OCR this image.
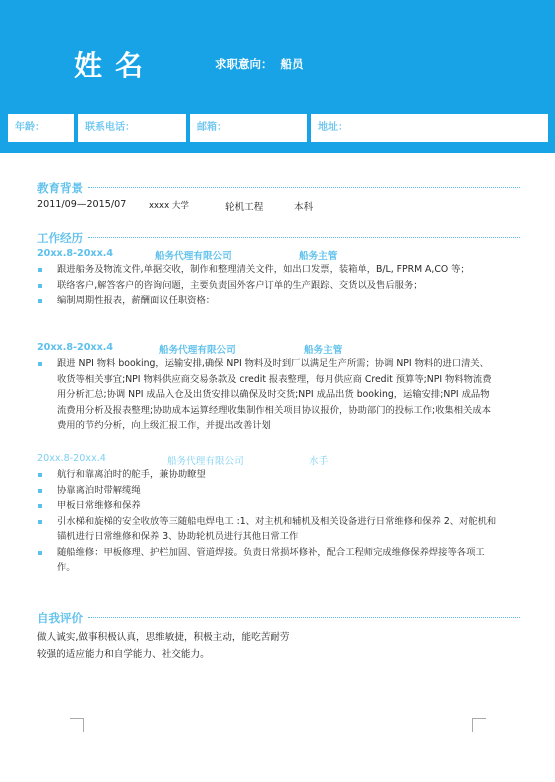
姓名	求职意向： 船员
年龄：	联系电话：	邮箱：	地址：
教育背景
2011/09—2015/07	xxxx 大学	轮机工程	本科
工作经历
20xx.8-20xx.4	船务代理有限公司	船务主管
跟进船务及物流文件,单据交收，制作和整理清关文件，如出口发票，装箱单，B/L, FPRM A,CO 等；
联络客户,解答客户的咨询问题，主要负责国外客户订单的生产跟踪、交货以及售后服务；
编制周期性报表，薪酬面议任职资格：
20xx.8-20xx.4	船务代理有限公司	船务主管
跟进 NPI 物料 booking，运输安排,确保 NPI 物料及时到厂以满足生产所需；协调 NPI 物料的进口清关、收货等相关事宜;NPI 物料供应商交易条款及 credit 报表整理，每月供应商 Credit 预算等;NPI 物料物流费用分析汇总;协调 NPI 成品入仓及出货安排以确保及时交货;NPI 成品出货 booking，运输安排;NPI 成品物流费用分析及报表整理;协助成本运算经理收集制作相关项目协议报价，协助部门的投标工作;收集相关成本费用的节约分析，向上级汇报工作，并提出改善计划
20xx.8-20xx.4	船务代理有限公司	水手
航行和靠离泊时的舵手，兼协助瞭望
协靠离泊时带解缆绳
甲板日常维修和保养
引水梯和旋梯的安全收放等三随船电焊电工 :1、对主机和辅机及相关设备进行日常维修和保养 2、对舵机和锚机进行日常维修和保养 3、协助轮机员进行其他日常工作
随船维修：甲板修理、护栏加固、管道焊接。负责日常损坏修补，配合工程师完成维修保养焊接等各项工作。
自我评价
做人诚实,做事积极认真，思维敏捷，积极主动，能吃苦耐劳
较强的适应能力和自学能力、社交能力。
